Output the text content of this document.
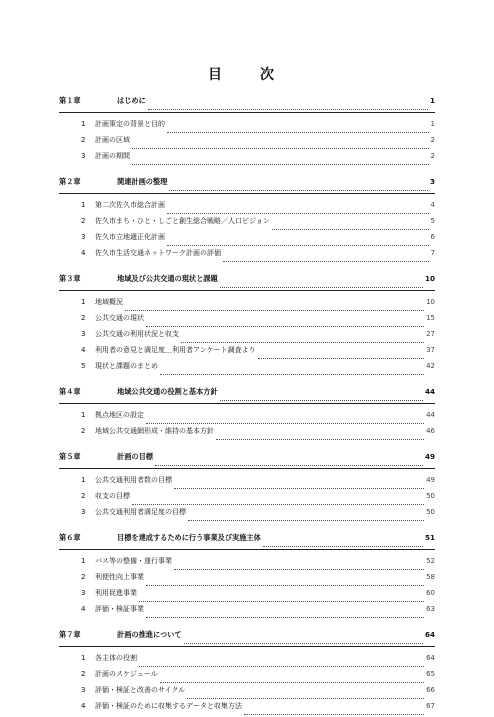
目　次
第１章	はじめに	1
1	計画策定の背景と目的	1
2	計画の区域	2
3	計画の期間	2
第２章	関連計画の整理	3
1	第二次佐久市総合計画	4
2	佐久市まち・ひと・しごと創生総合戦略／人口ビジョン	5
3	佐久市立地適正化計画	6
4	佐久市生活交通ネットワーク計画の評価	7
第３章	地域及び公共交通の現状と課題	10
1	地域概況	10
2	公共交通の現状	15
3	公共交通の利用状況と収支	27
4	利用者の意見と満足度＿利用者アンケート調査より	37
5	現状と課題のまとめ	42
第４章	地域公共交通の役割と基本方針	44
1	拠点地区の設定	44
2	地域公共交通網形成・維持の基本方針	46
第５章	計画の目標	49
1	公共交通利用者数の目標	49
2	収支の目標	50
3	公共交通利用者満足度の目標	50
第６章	目標を達成するために行う事業及び実施主体	51
1	バス等の整備・運行事業	52
2	利便性向上事業	58
3	利用促進事業	60
4	評価・検証事業	63
第７章	計画の推進について	64
1	各主体の役割	64
2	計画のスケジュール	65
3	評価・検証と改善のサイクル	66
4	評価・検証のために収集するデータと収集方法	67
